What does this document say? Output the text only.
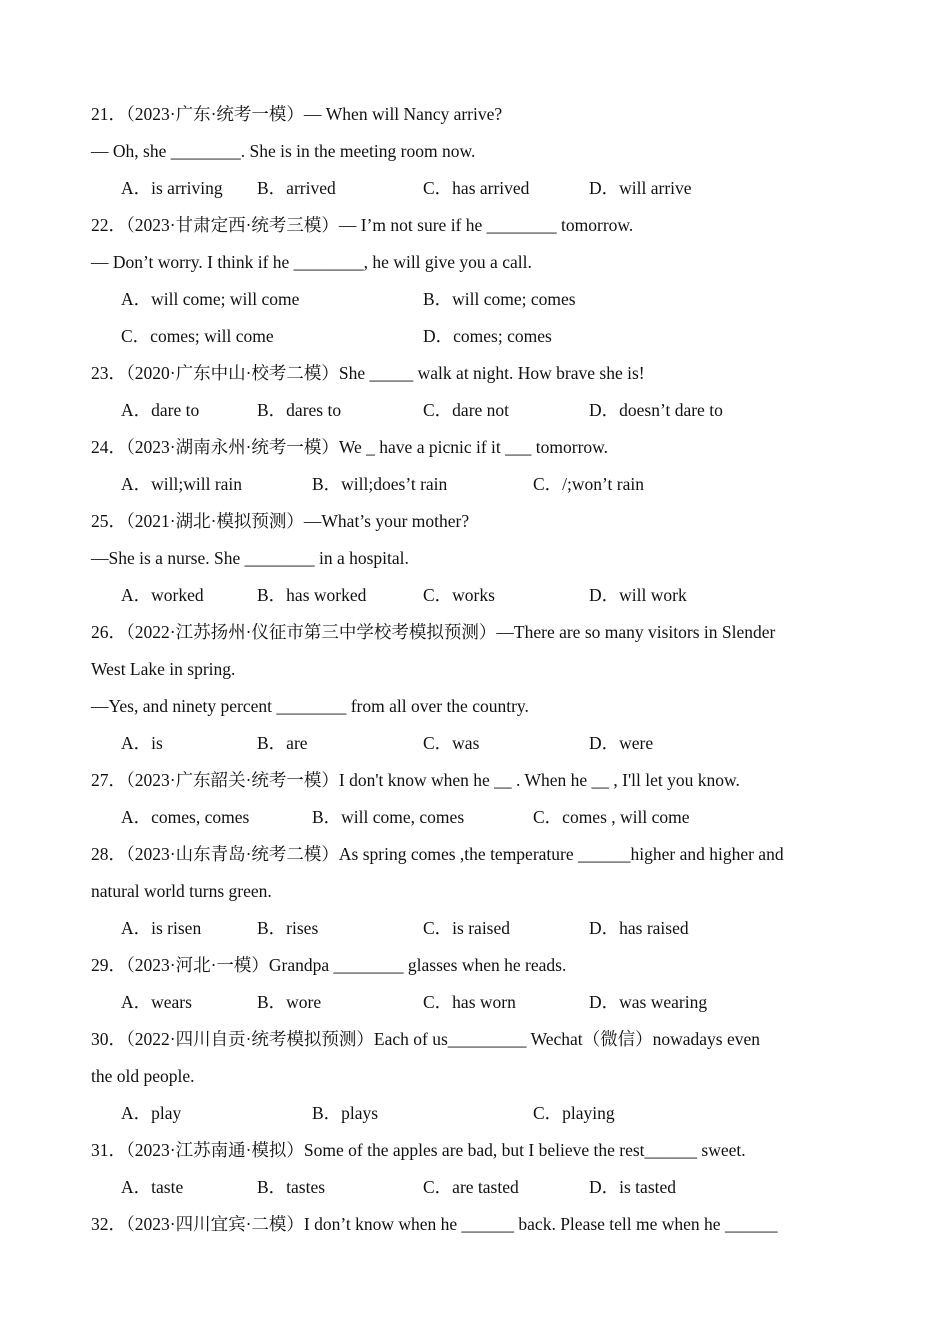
21．（2023·广东·统考一模）— When will Nancy arrive?
— Oh, she ________. She is in the meeting room now.
A．is arriving B．arrived	C．has arrived	D．will arrive
22．（2023·甘肃定西·统考三模）— I’m not sure if he ________ tomorrow.
— Don’t worry. I think if he ________, he will give you a call.
A．will come; will come	B．will come; comes
C．comes; will come	D．comes; comes
23．（2020·广东中山·校考二模）She _____ walk at night. How brave she is!
A．dare to	B．dares to	C．dare not	D．doesn’t dare to
24．（2023·湖南永州·统考一模）We _ have a picnic if it ___ tomorrow.
A．will;will rain	B．will;does’t rain	C．/;won’t rain
25．（2021·湖北·模拟预测）—What’s your mother?
—She is a nurse. She ________ in a hospital.
A．worked	B．has worked	C．works	D．will work
26．（2022·江苏扬州·仪征市第三中学校考模拟预测）—There are so many visitors in Slender
West Lake in spring.
—Yes, and ninety percent ________ from all over the country.
A．is	B．are	C．was	D．were
27．（2023·广东韶关·统考一模）I don't know when he __ . When he __ , I'll let you know.
A．comes, comes	B．will come, comes	C．comes , will come
28．（2023·山东青岛·统考二模）As spring comes ,the temperature ______higher and higher and
natural world turns green.
A．is risen	B．rises	C．is raised	D．has raised
29．（2023·河北·一模）Grandpa ________ glasses when he reads.
A．wears	B．wore	C．has worn	D．was wearing
30．（2022·四川自贡·统考模拟预测）Each of us_________ Wechat（微信）nowadays even
the old people.
A．play	B．plays	C．playing
31．（2023·江苏南通·模拟）Some of the apples are bad, but I believe the rest______ sweet.
A．taste	B．tastes	C．are tasted	D．is tasted
32．（2023·四川宜宾·二模）I don’t know when he ______ back. Please tell me when he ______
